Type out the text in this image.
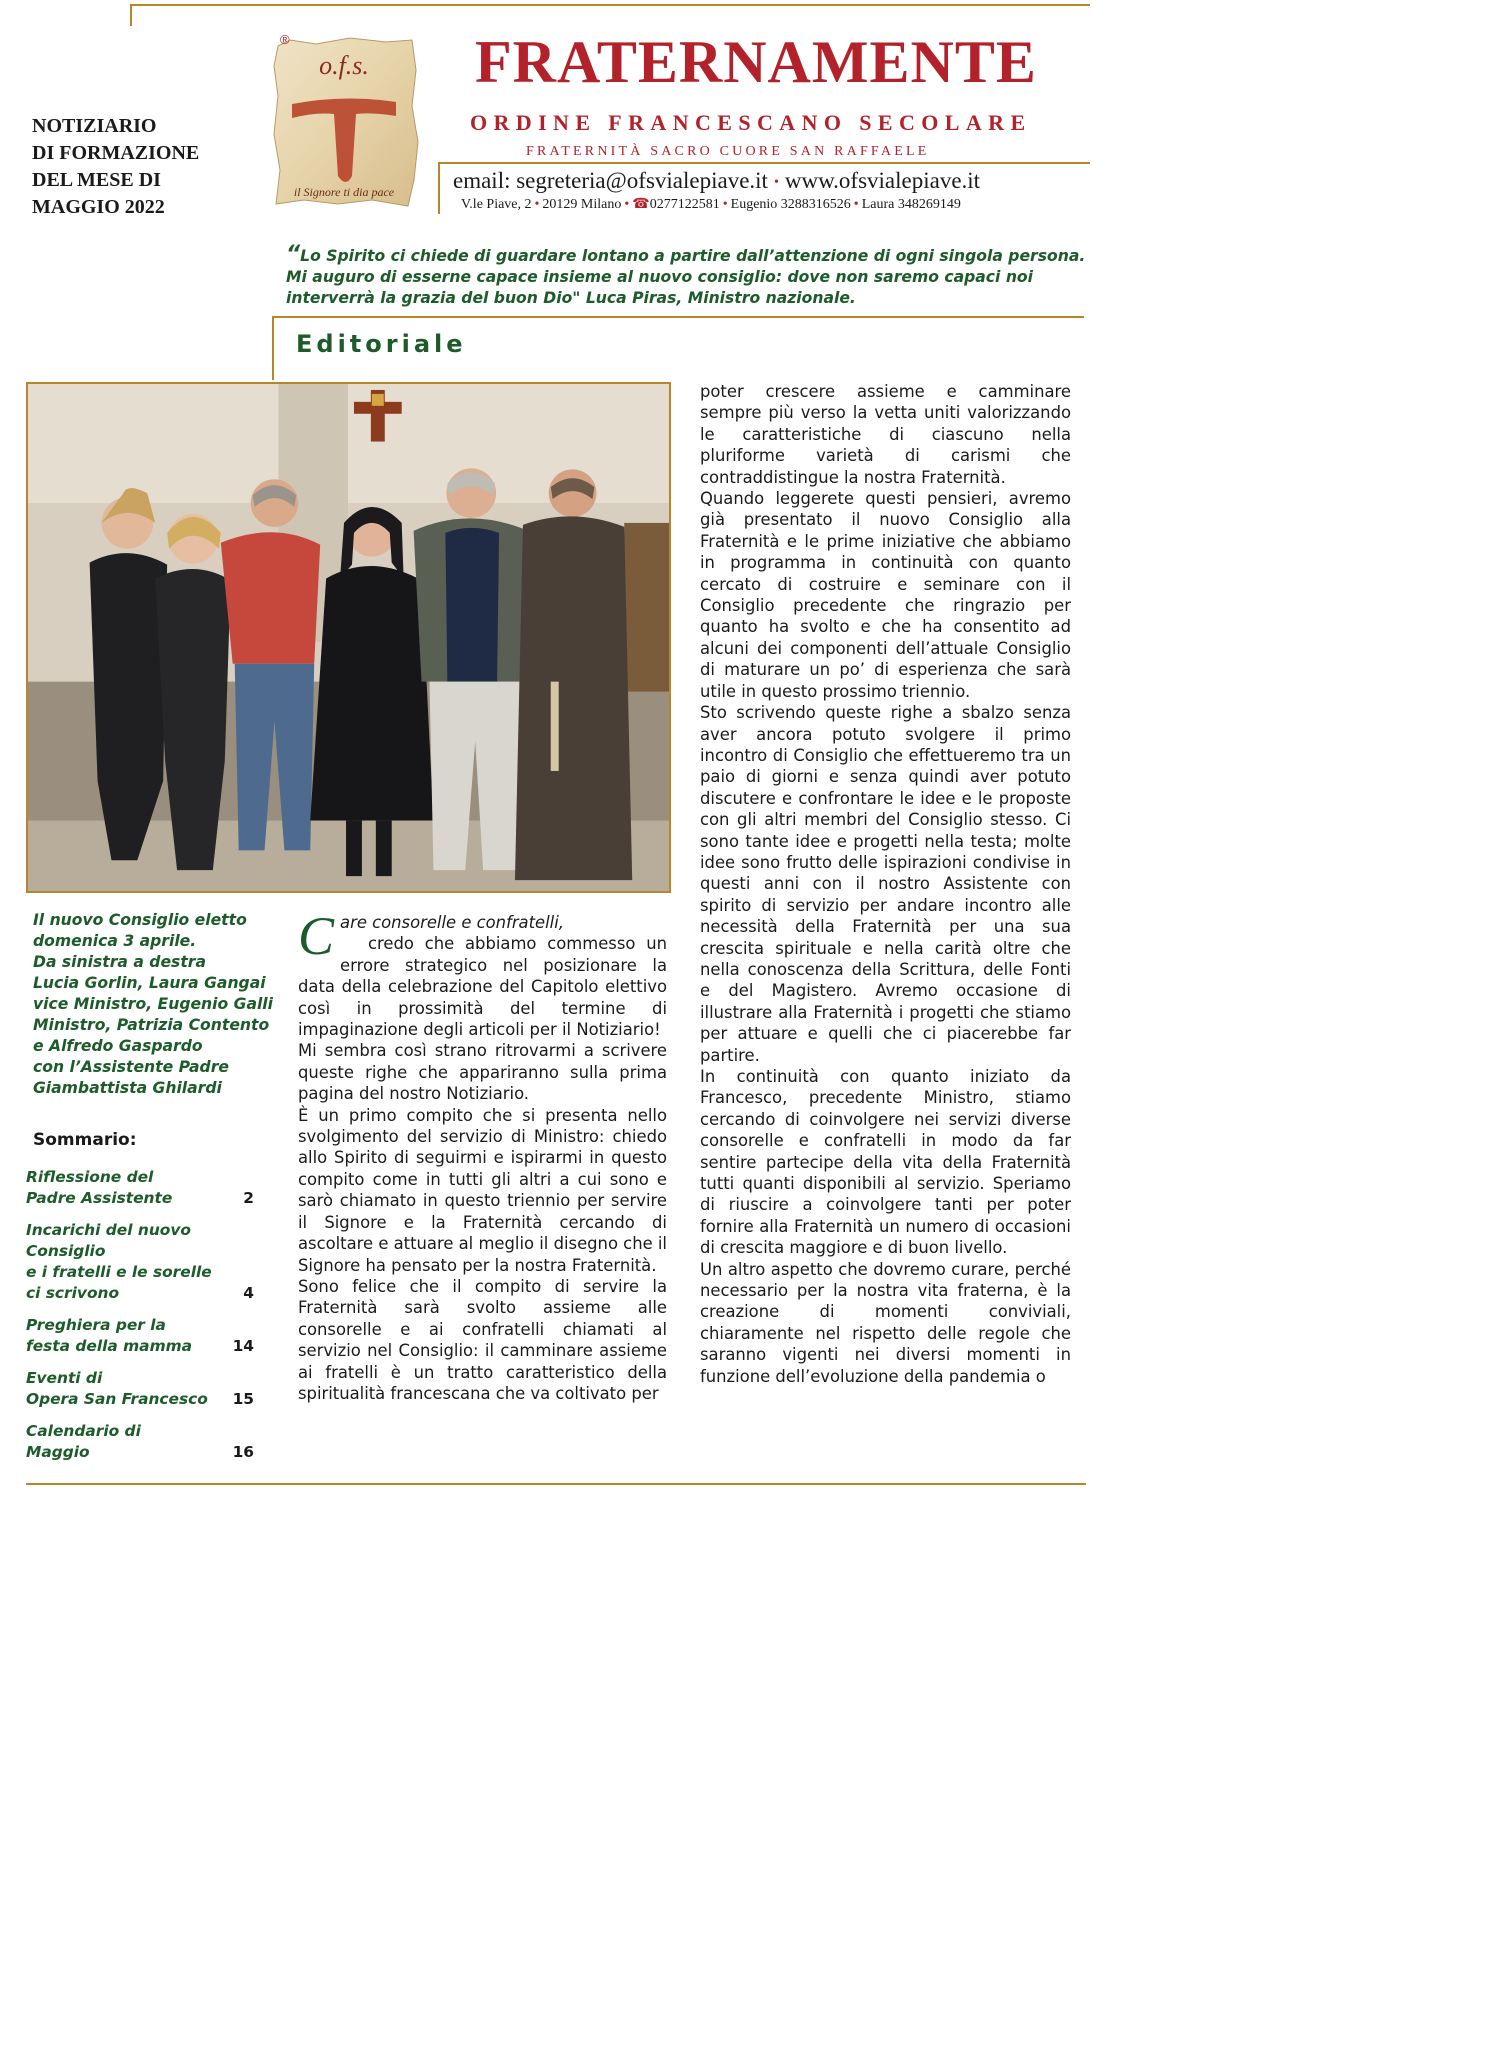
NOTIZIARIO
DI FORMAZIONE
DEL MESE DI
MAGGIO 2022
o.f.s.
il Signore ti dia pace
®	FRATERNAMENTE
ORDINE FRANCESCANO SECOLARE
FRATERNITÀ SACRO CUORE SAN RAFFAELE
email: segreteria@ofsvialepiave.it • www.ofsvialepiave.it
V.le Piave, 2 • 20129 Milano • ☎0277122581 • Eugenio 3288316526 • Laura 348269149
“Lo Spirito ci chiede di guardare lontano a partire dall’attenzione di ogni singola persona. Mi auguro di esserne capace insieme al nuovo consiglio: dove non saremo capaci noi interverrà la grazia del buon Dio" Luca Piras, Ministro nazionale.
Editoriale
Il nuovo Consiglio eletto
domenica 3 aprile.
Da sinistra a destra
Lucia Gorlin, Laura Gangai
vice Ministro, Eugenio Galli
Ministro, Patrizia Contento
e Alfredo Gaspardo
con l’Assistente Padre
Giambattista Ghilardi
Sommario:
Riflessione del
Padre Assistente	2
Incarichi del nuovo
Consiglio
e i fratelli e le sorelle
ci scrivono	4
Preghiera per la
festa della mamma	14
Eventi di
Opera San Francesco 15
Calendario di
Maggio	16

Care consorelle e confratelli,
credo che abbiamo commesso un errore strategico nel posizionare la data della celebrazione del Capitolo elettivo così in prossimità del termine di impaginazione degli articoli per il Notiziario!

Mi sembra così strano ritrovarmi a scrivere queste righe che appariranno sulla prima pagina del nostro Notiziario.

È un primo compito che si presenta nello svolgimento del servizio di Ministro: chiedo allo Spirito di seguirmi e ispirarmi in questo compito come in tutti gli altri a cui sono e sarò chiamato in questo triennio per servire il Signore e la Fraternità cercando di ascoltare e attuare al meglio il disegno che il Signore ha pensato per la nostra Fraternità.

Sono felice che il compito di servire la Fraternità sarà svolto assieme alle consorelle e ai confratelli chiamati al servizio nel Consiglio: il camminare assieme ai fratelli è un tratto caratteristico della spiritualità francescana che va coltivato per

poter crescere assieme e camminare sempre più verso la vetta uniti valorizzando le caratteristiche di ciascuno nella pluriforme varietà di carismi che contraddistingue la nostra Fraternità.

Quando leggerete questi pensieri, avremo già presentato il nuovo Consiglio alla Fraternità e le prime iniziative che abbiamo in programma in continuità con quanto cercato di costruire e seminare con il Consiglio precedente che ringrazio per quanto ha svolto e che ha consentito ad alcuni dei componenti dell’attuale Consiglio di maturare un po’ di esperienza che sarà utile in questo prossimo triennio.

Sto scrivendo queste righe a sbalzo senza aver ancora potuto svolgere il primo incontro di Consiglio che effettueremo tra un paio di giorni e senza quindi aver potuto discutere e confrontare le idee e le proposte con gli altri membri del Consiglio stesso. Ci sono tante idee e progetti nella testa; molte idee sono frutto delle ispirazioni condivise in questi anni con il nostro Assistente con spirito di servizio per andare incontro alle necessità della Fraternità per una sua crescita spirituale e nella carità oltre che nella conoscenza della Scrittura, delle Fonti e del Magistero. Avremo occasione di illustrare alla Fraternità i progetti che stiamo per attuare e quelli che ci piacerebbe far partire.

In continuità con quanto iniziato da Francesco, precedente Ministro, stiamo cercando di coinvolgere nei servizi diverse consorelle e confratelli in modo da far sentire partecipe della vita della Fraternità tutti quanti disponibili al servizio. Speriamo di riuscire a coinvolgere tanti per poter fornire alla Fraternità un numero di occasioni di crescita maggiore e di buon livello.

Un altro aspetto che dovremo curare, perché necessario per la nostra vita fraterna, è la creazione di momenti conviviali, chiaramente nel rispetto delle regole che saranno vigenti nei diversi momenti in funzione dell’evoluzione della pandemia o
